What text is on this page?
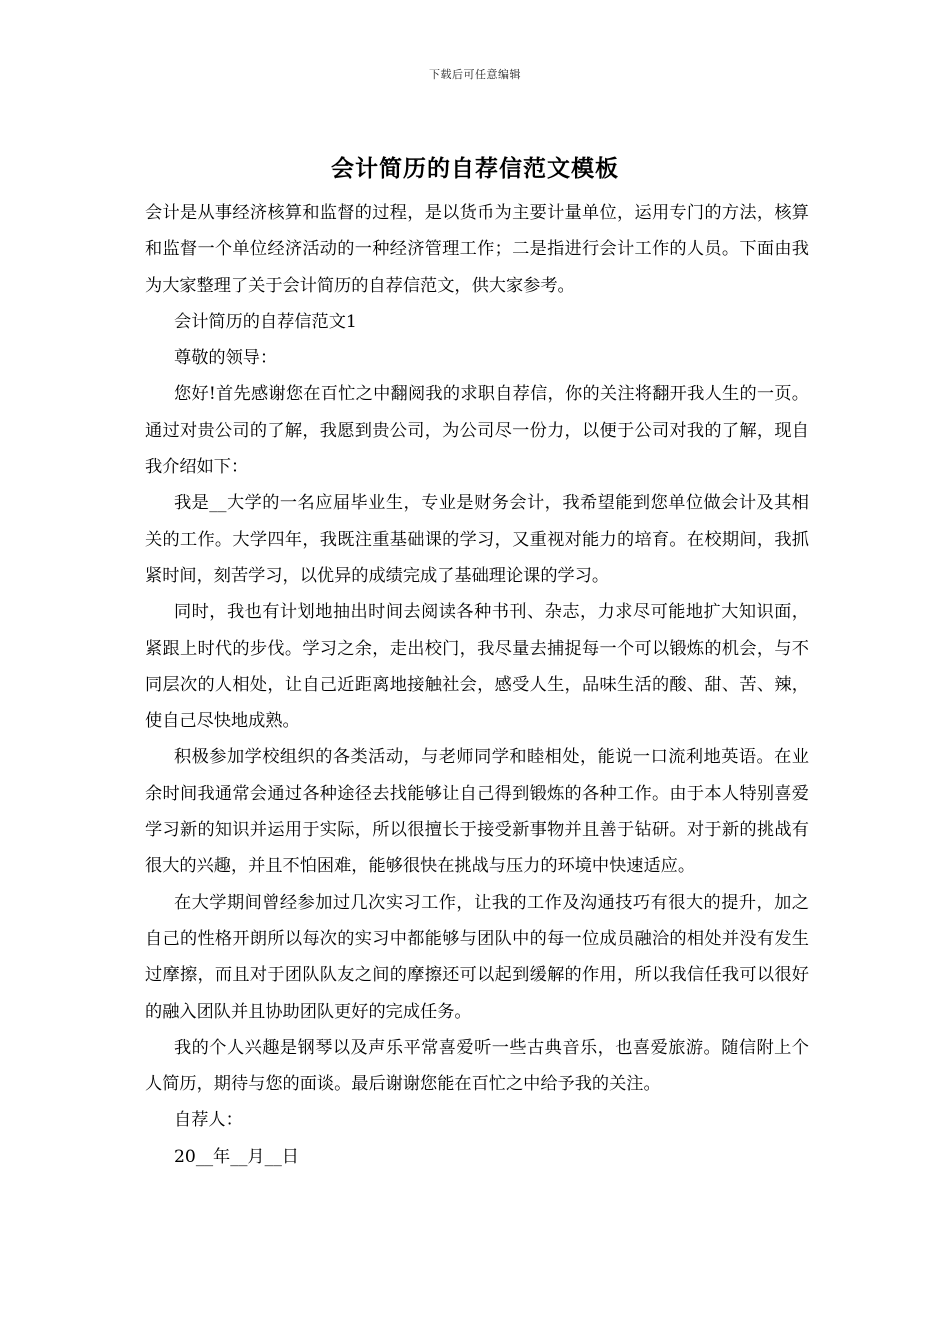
下载后可任意编辑
会计简历的自荐信范文模板

会计是从事经济核算和监督的过程，是以货币为主要计量单位，运用专门的方法，核算和监督一个单位经济活动的一种经济管理工作；二是指进行会计工作的人员。下面由我为大家整理了关于会计简历的自荐信范文，供大家参考。

会计简历的自荐信范文1

尊敬的领导：

您好!首先感谢您在百忙之中翻阅我的求职自荐信，你的关注将翻开我人生的一页。通过对贵公司的了解，我愿到贵公司，为公司尽一份力，以便于公司对我的了解，现自我介绍如下：

我是__大学的一名应届毕业生，专业是财务会计，我希望能到您单位做会计及其相关的工作。大学四年，我既注重基础课的学习，又重视对能力的培育。在校期间，我抓紧时间，刻苦学习，以优异的成绩完成了基础理论课的学习。

同时，我也有计划地抽出时间去阅读各种书刊、杂志，力求尽可能地扩大知识面，紧跟上时代的步伐。学习之余，走出校门，我尽量去捕捉每一个可以锻炼的机会，与不同层次的人相处，让自己近距离地接触社会，感受人生，品味生活的酸、甜、苦、辣，使自己尽快地成熟。

积极参加学校组织的各类活动，与老师同学和睦相处，能说一口流利地英语。在业余时间我通常会通过各种途径去找能够让自己得到锻炼的各种工作。由于本人特别喜爱学习新的知识并运用于实际，所以很擅长于接受新事物并且善于钻研。对于新的挑战有很大的兴趣，并且不怕困难，能够很快在挑战与压力的环境中快速适应。

在大学期间曾经参加过几次实习工作，让我的工作及沟通技巧有很大的提升，加之自己的性格开朗所以每次的实习中都能够与团队中的每一位成员融洽的相处并没有发生过摩擦，而且对于团队队友之间的摩擦还可以起到缓解的作用，所以我信任我可以很好的融入团队并且协助团队更好的完成任务。

我的个人兴趣是钢琴以及声乐平常喜爱听一些古典音乐，也喜爱旅游。随信附上个人简历，期待与您的面谈。最后谢谢您能在百忙之中给予我的关注。

自荐人：

20__年__月__日
